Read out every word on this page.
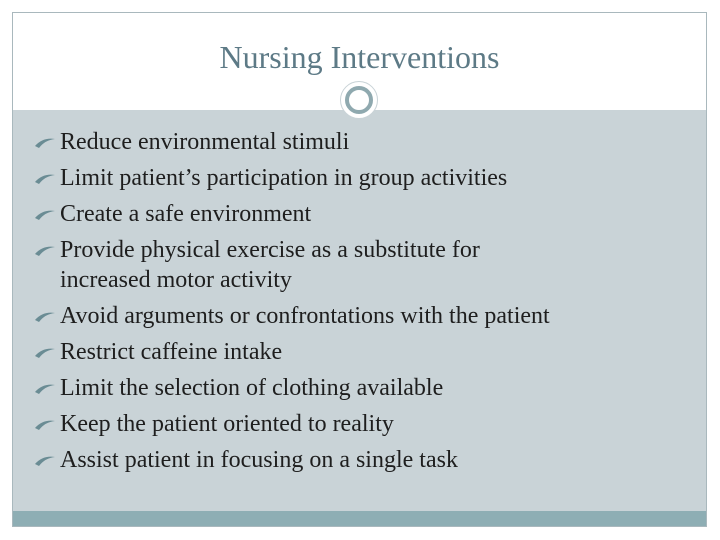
Nursing Interventions
Reduce environmental stimuli
Limit patient’s participation in group activities
Create a safe environment
Provide physical exercise as a substitute for
increased motor activity
Avoid arguments or confrontations with the patient
Restrict caffeine intake
Limit the selection of clothing available
Keep the patient oriented to reality
Assist patient in focusing on a single task
